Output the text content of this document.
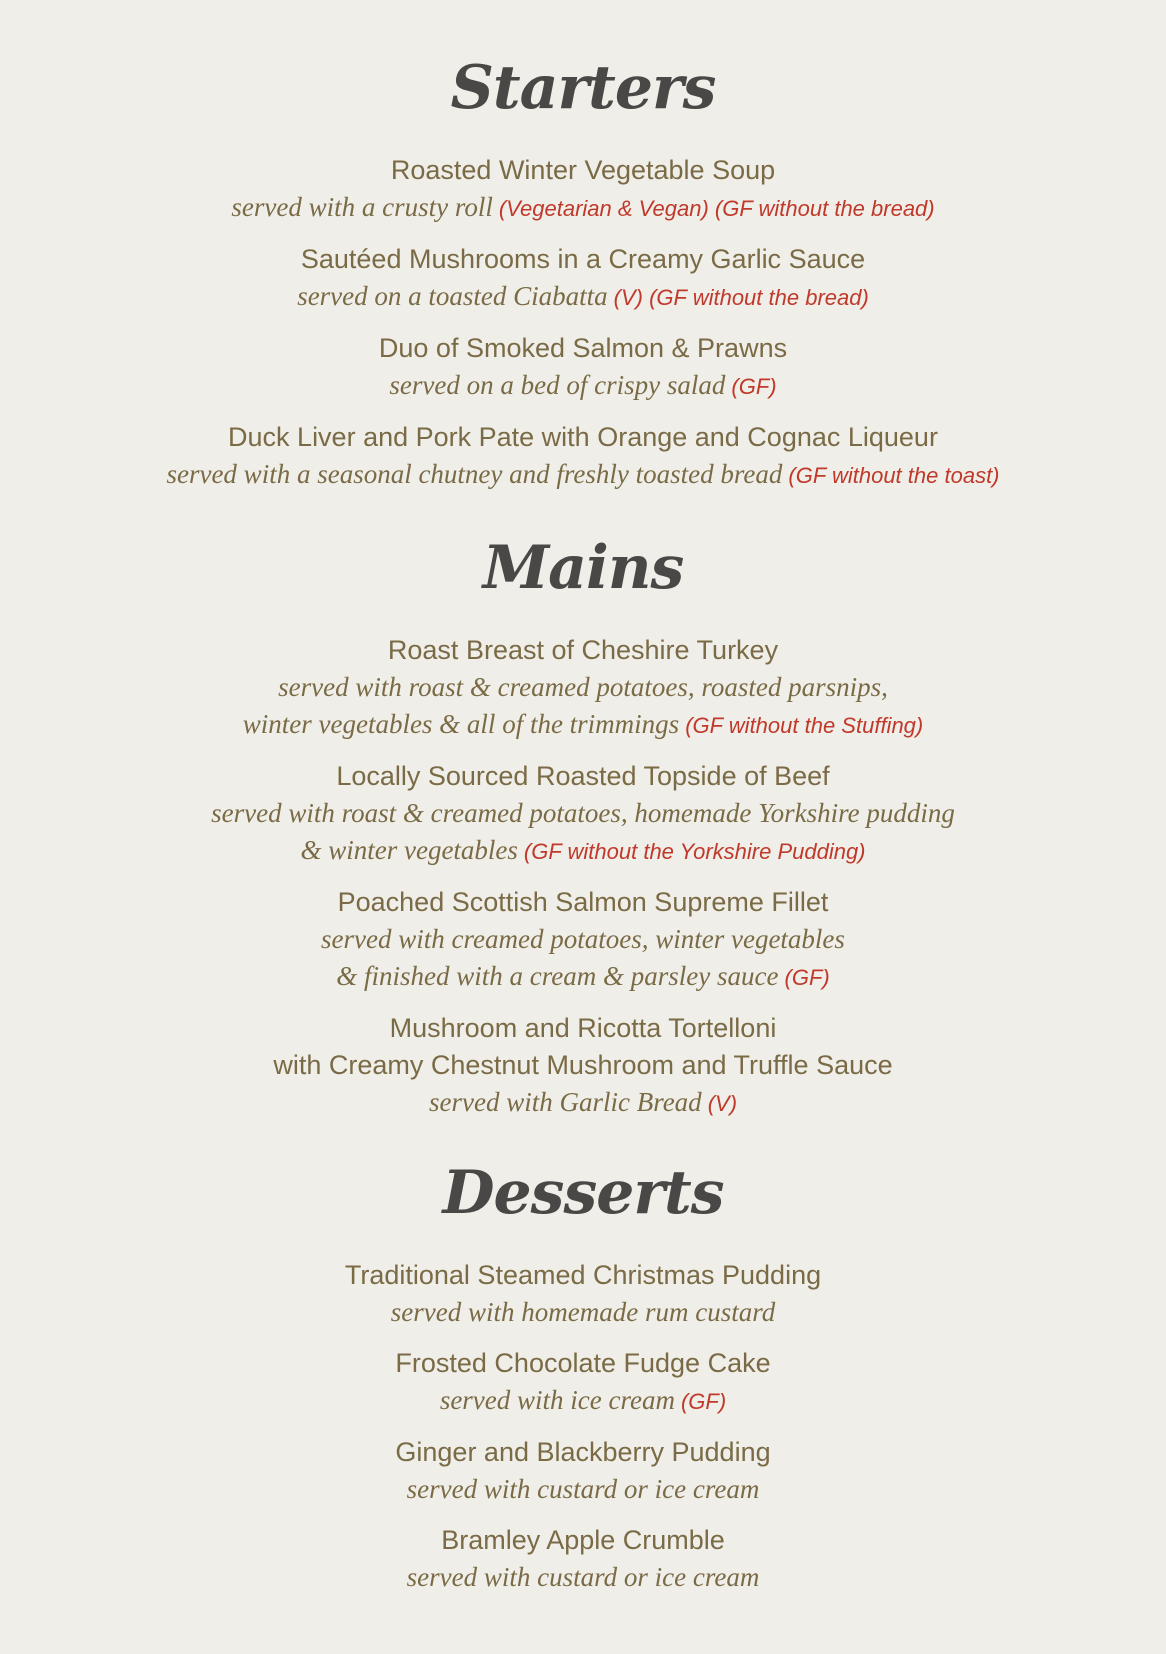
Starters

Roasted Winter Vegetable Soup

served with a crusty roll (Vegetarian & Vegan) (GF without the bread)

Sautéed Mushrooms in a Creamy Garlic Sauce

served on a toasted Ciabatta (V) (GF without the bread)

Duo of Smoked Salmon & Prawns

served on a bed of crispy salad (GF)

Duck Liver and Pork Pate with Orange and Cognac Liqueur

served with a seasonal chutney and freshly toasted bread (GF without the toast)

Mains

Roast Breast of Cheshire Turkey

served with roast & creamed potatoes, roasted parsnips,

winter vegetables & all of the trimmings (GF without the Stuffing)

Locally Sourced Roasted Topside of Beef

served with roast & creamed potatoes, homemade Yorkshire pudding

& winter vegetables (GF without the Yorkshire Pudding)

Poached Scottish Salmon Supreme Fillet

served with creamed potatoes, winter vegetables

& finished with a cream & parsley sauce (GF)

Mushroom and Ricotta Tortelloni

with Creamy Chestnut Mushroom and Truffle Sauce

served with Garlic Bread (V)

Desserts

Traditional Steamed Christmas Pudding

served with homemade rum custard

Frosted Chocolate Fudge Cake

served with ice cream (GF)

Ginger and Blackberry Pudding

served with custard or ice cream

Bramley Apple Crumble

served with custard or ice cream
